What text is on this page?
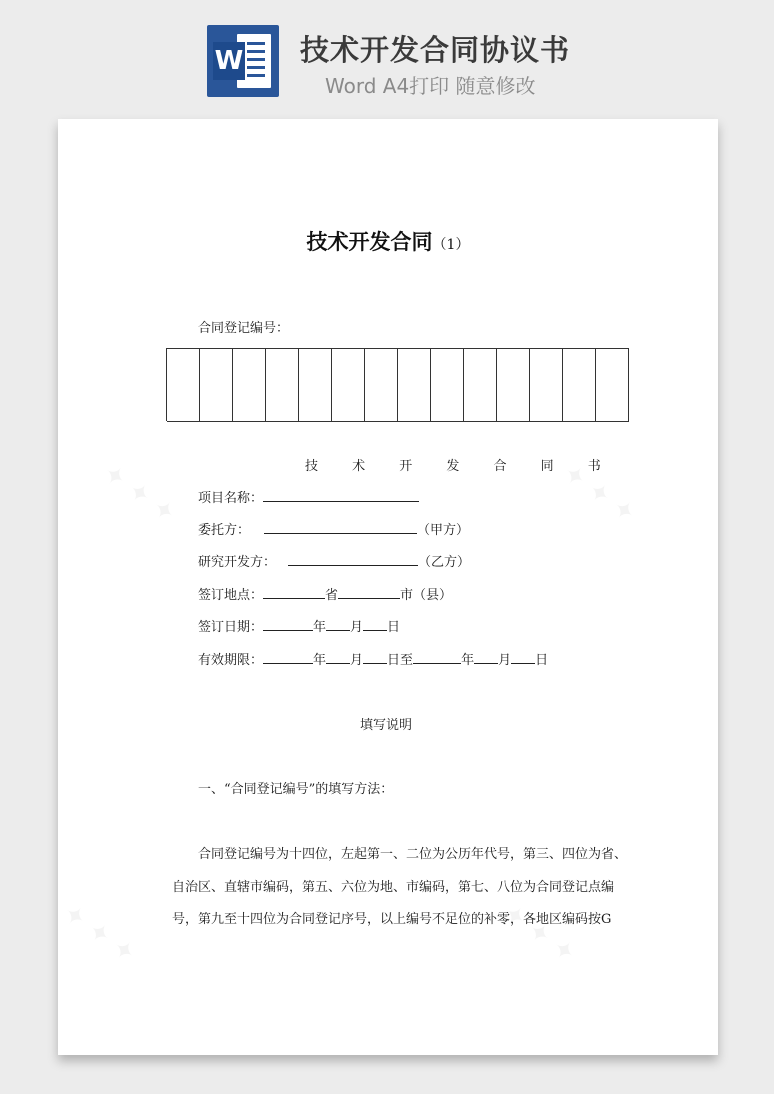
W 技术开发合同协议书
Word A4打印 随意修改
技术开发合同（1）
合同登记编号：
技 术 开 发 合 同 书
项目名称：
委托方：	（甲方）
研究开发方：	（乙方）
签订地点：	省	市（县）
签订日期：	年 月 日
有效期限：	年 月 日至	年 月 日
填写说明
一、“合同登记编号”的填写方法：
合同登记编号为十四位，左起第一、二位为公历年代号，第三、四位为省、
自治区、直辖市编码，第五、六位为地、市编码，第七、八位为合同登记点编
号，第九至十四位为合同登记序号，以上编号不足位的补零，各地区编码按G
